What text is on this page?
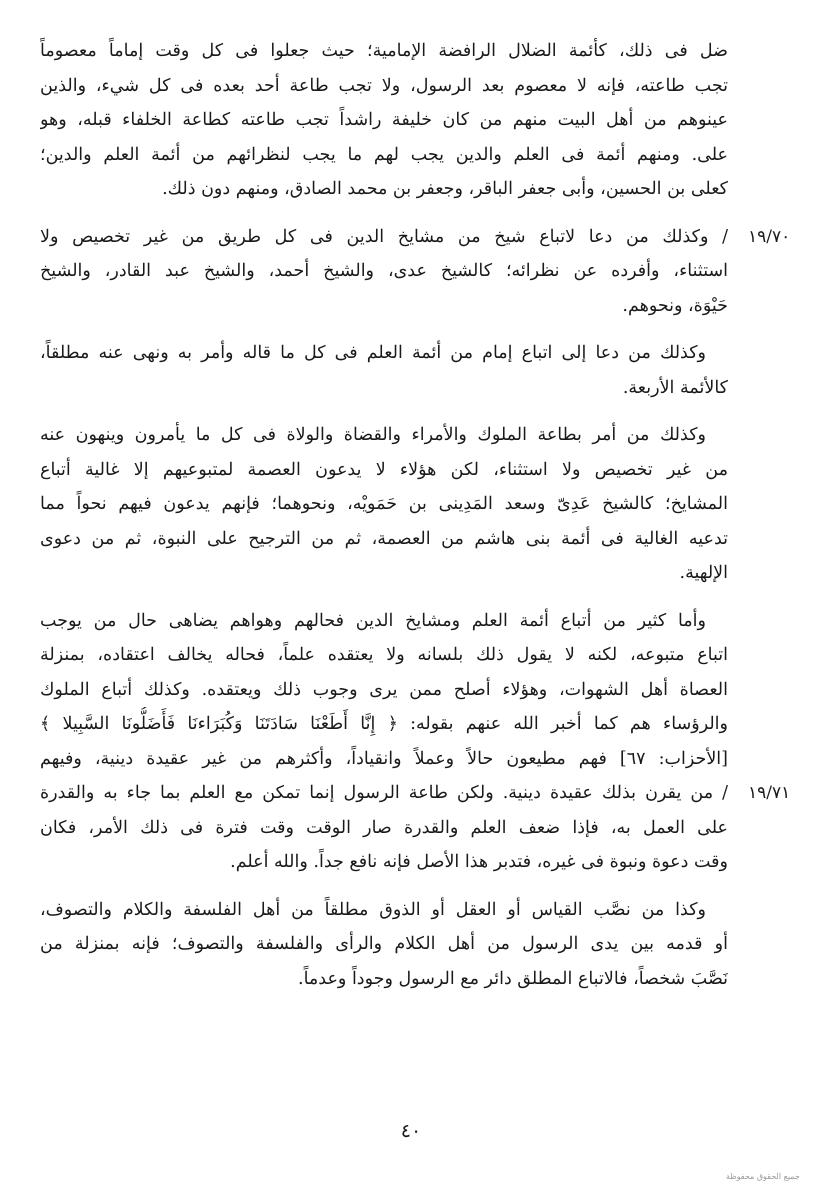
ضل فى ذلك، كأئمة الضلال الرافضة الإمامية؛ حيث جعلوا فى كل وقت إماماً معصوماً
تجب طاعته، فإنه لا معصوم بعد الرسول، ولا تجب طاعة أحد بعده فى كل شيء، والذين
عينوهم من أهل البيت منهم من كان خليفة راشداً تجب طاعته كطاعة الخلفاء قبله، وهو
على. ومنهم أئمة فى العلم والدين يجب لهم ما يجب لنظرائهم من أئمة العلم والدين؛
كعلى بن الحسين، وأبى جعفر الباقر، وجعفر بن محمد الصادق، ومنهم دون ذلك.
/ وكذلك من دعا لاتباع شيخ من مشايخ الدين فى كل طريق من غير تخصيص ولا
استثناء، وأفرده عن نظرائه؛ كالشيخ عدى، والشيخ أحمد، والشيخ عبد القادر، والشيخ
حَيْوَة، ونحوهم.
وكذلك من دعا إلى اتباع إمام من أئمة العلم فى كل ما قاله وأمر به ونهى عنه مطلقاً،
كالأئمة الأربعة.
وكذلك من أمر بطاعة الملوك والأمراء والقضاة والولاة فى كل ما يأمرون وينهون عنه
من غير تخصيص ولا استثناء، لكن هؤلاء لا يدعون العصمة لمتبوعيهم إلا غالية أتباع
المشايخ؛ كالشيخ عَدِىّ وسعد المَدِينى بن حَمَويْه، ونحوهما؛ فإنهم يدعون فيهم نحواً مما
تدعيه الغالية فى أئمة بنى هاشم من العصمة، ثم من الترجيح على النبوة، ثم من دعوى
الإلهية.
وأما كثير من أتباع أئمة العلم ومشايخ الدين فحالهم وهواهم يضاهى حال من يوجب
اتباع متبوعه، لكنه لا يقول ذلك بلسانه ولا يعتقده علماً، فحاله يخالف اعتقاده، بمنزلة
العصاة أهل الشهوات، وهؤلاء أصلح ممن يرى وجوب ذلك ويعتقده. وكذلك أتباع الملوك
والرؤساء هم كما أخبر الله عنهم بقوله: ﴿ إِنَّا أَطَعْنَا سَادَتَنَا وَكُبَرَاءنَا فَأَضَلُّونَا السَّبِيلا ﴾
[الأحزاب: ٦٧] فهم مطيعون حالاً وعملاً وانقياداً، وأكثرهم من غير عقيدة دينية، وفيهم
/ من يقرن بذلك عقيدة دينية. ولكن طاعة الرسول إنما تمكن مع العلم بما جاء به والقدرة
على العمل به، فإذا ضعف العلم والقدرة صار الوقت وقت فترة فى ذلك الأمر، فكان
وقت دعوة ونبوة فى غيره، فتدبر هذا الأصل فإنه نافع جداً. والله أعلم.
وكذا من نصَّب القياس أو العقل أو الذوق مطلقاً من أهل الفلسفة والكلام والتصوف،
أو قدمه بين يدى الرسول من أهل الكلام والرأى والفلسفة والتصوف؛ فإنه بمنزلة من
نَصَّبَ شخصاً، فالاتباع المطلق دائر مع الرسول وجوداً وعدماً.
٤٠
جميع الحقوق محفوظة
١٩/٧٠
١٩/٧١
